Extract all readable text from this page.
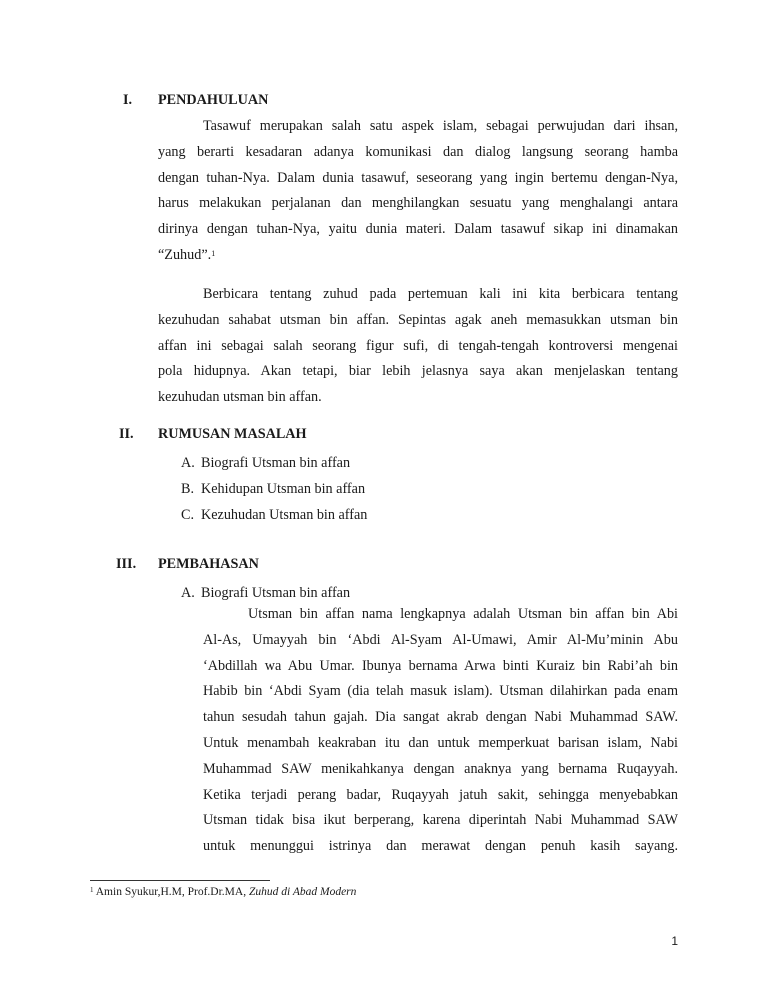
I. PENDAHULUAN
Tasawuf merupakan salah satu aspek islam, sebagai perwujudan dari ihsan,
yang berarti kesadaran adanya komunikasi dan dialog langsung seorang hamba
dengan tuhan-Nya. Dalam dunia tasawuf, seseorang yang ingin bertemu dengan-Nya,
harus melakukan perjalanan dan menghilangkan sesuatu yang menghalangi antara
dirinya dengan tuhan-Nya, yaitu dunia materi. Dalam tasawuf sikap ini dinamakan
“Zuhud”.$^1$
Berbicara tentang zuhud pada pertemuan kali ini kita berbicara tentang
kezuhudan sahabat utsman bin affan. Sepintas agak aneh memasukkan utsman bin
affan ini sebagai salah seorang figur sufi, di tengah-tengah kontroversi mengenai
pola hidupnya. Akan tetapi, biar lebih jelasnya saya akan menjelaskan tentang
kezuhudan utsman bin affan.
II. RUMUSAN MASALAH
A. Biografi Utsman bin affan
B. Kehidupan Utsman bin affan
C. Kezuhudan Utsman bin affan
III. PEMBAHASAN
A. Biografi Utsman bin affan
Utsman bin affan nama lengkapnya adalah Utsman bin affan bin Abi
Al-As, Umayyah bin ‘Abdi Al-Syam Al-Umawi, Amir Al-Mu’minin Abu
‘Abdillah wa Abu Umar. Ibunya bernama Arwa binti Kuraiz bin Rabi’ah bin
Habib bin ‘Abdi Syam (dia telah masuk islam). Utsman dilahirkan pada enam
tahun sesudah tahun gajah. Dia sangat akrab dengan Nabi Muhammad SAW.
Untuk menambah keakraban itu dan untuk memperkuat barisan islam, Nabi
Muhammad SAW menikahkanya dengan anaknya yang bernama Ruqayyah.
Ketika terjadi perang badar, Ruqayyah jatuh sakit, sehingga menyebabkan
Utsman tidak bisa ikut berperang, karena diperintah Nabi Muhammad SAW
untuk menunggui istrinya dan merawat dengan penuh kasih sayang.
$^1$ Amin Syukur,H.M, Prof.Dr.MA, Zuhud di Abad Modern
1
